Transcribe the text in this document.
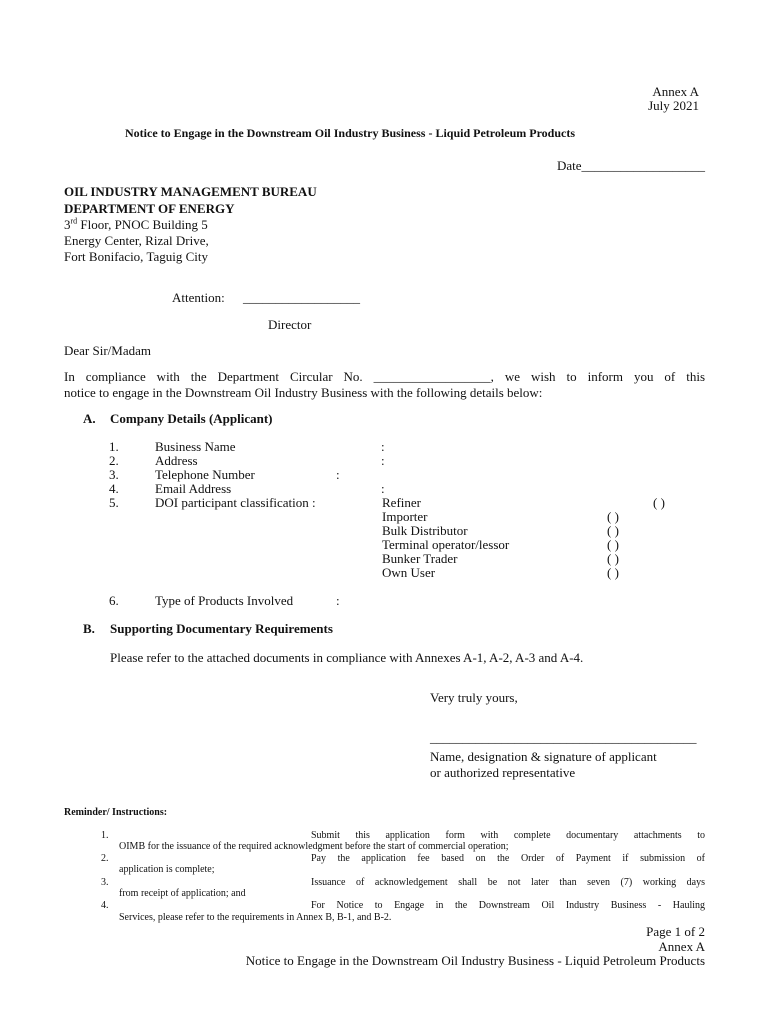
Annex A
July 2021
Notice to Engage in the Downstream Oil Industry Business - Liquid Petroleum Products
Date___________________
OIL INDUSTRY MANAGEMENT BUREAU
DEPARTMENT OF ENERGY
3rd Floor, PNOC Building 5
Energy Center, Rizal Drive,
Fort Bonifacio, Taguig City
Attention: __________________
Director
Dear Sir/Madam
In compliance with the Department Circular No. __________________, we wish to inform you of this
notice to engage in the Downstream Oil Industry Business with the following details below:
A. Company Details (Applicant)
1.	Business Name	:
2.	Address	:
3.	Telephone Number	:
4.	Email Address	:
5.	DOI participant classification :	Refiner	( )
Importer	( )
Bulk Distributor	( )
Terminal operator/lessor	( )
Bunker Trader	( )
Own User	( )
6.	Type of Products Involved	:
B. Supporting Documentary Requirements
Please refer to the attached documents in compliance with Annexes A-1, A-2, A-3 and A-4.
Very truly yours,
_________________________________________
Name, designation & signature of applicant
or authorized representative
Reminder/ Instructions:
1.	Submit this application form with complete documentary attachments to
OIMB for the issuance of the required acknowledgment before the start of commercial operation;
2.	Pay the application fee based on the Order of Payment if submission of
application is complete;
3.	Issuance of acknowledgement shall be not later than seven (7) working days
from receipt of application; and
4.	For Notice to Engage in the Downstream Oil Industry Business - Hauling
Services, please refer to the requirements in Annex B, B-1, and B-2.
Page 1 of 2
Annex A
Notice to Engage in the Downstream Oil Industry Business - Liquid Petroleum Products
